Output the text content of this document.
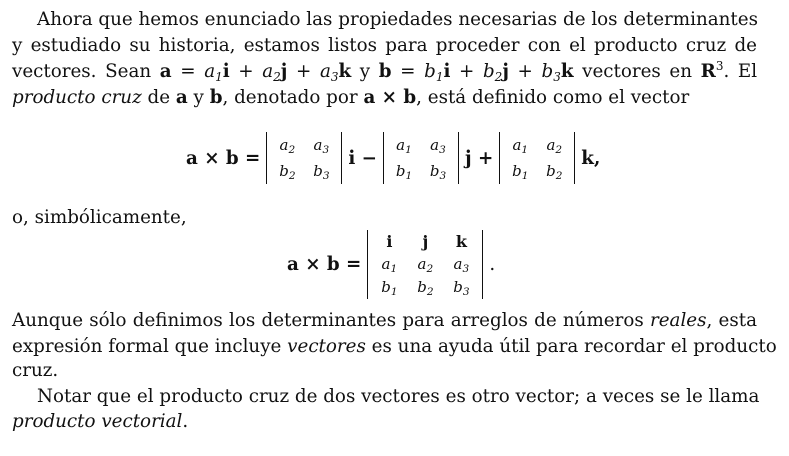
Ahora que hemos enunciado las propiedades necesarias de los determinantes
y estudiado su historia, estamos listos para proceder con el producto cruz de
vectores. Sean $a = a_1i + a_2j + a_3k$ y $b = b_1i + b_2j + b_3k$ vectores en $R^3$. El
producto cruz de a y b, denotado por a × b, está definido como el vector
a × b =
$a_2$ $a_3$
$b_2$ $b_3$
i −
$a_1$ $a_3$
$b_1$ $b_3$
j +
$a_1$ $a_2$
$b_1$ $b_2$
k,
o, simbólicamente,
a × b =
i j k
$a_1$ $a_2$ $a_3$
$b_1$ $b_2$ $b_3$
.
Aunque sólo definimos los determinantes para arreglos de números reales, esta
expresión formal que incluye vectores es una ayuda útil para recordar el producto
cruz.
Notar que el producto cruz de dos vectores es otro vector; a veces se le llama
producto vectorial.
